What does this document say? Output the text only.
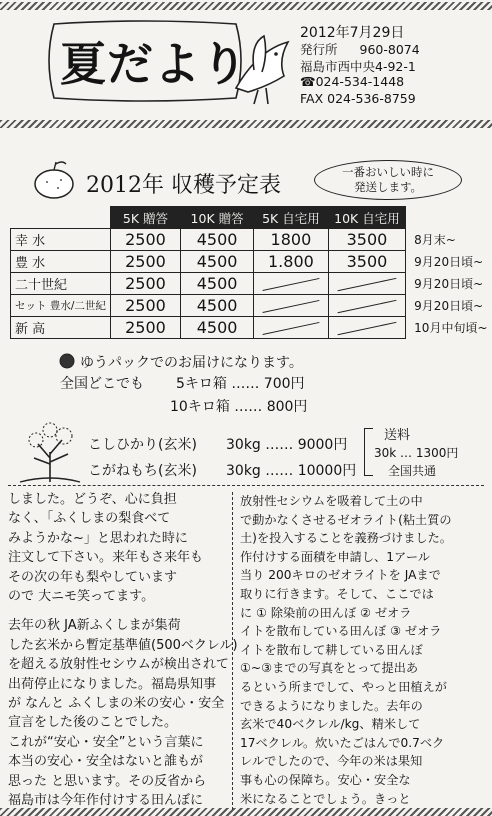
夏だより
2012年7月29日
発行所 960-8074
福島市西中央4-92-1
☎024-534-1448
FAX 024-536-8759
2012年 収穫予定表
一番おいしい時に
発送します。
	5K 贈答	10K 贈答	5K 自宅用	10K 自宅用	
幸 水	2500	4500	1800	3500	8月末~
豊 水	2500	4500	1.800	3500	9月20日頃~
二十世紀	2500	4500			9月20日頃~
セット 豊水/二世紀	2500	4500			9月20日頃~
新 高	2500	4500			10月中旬頃~
ゆうパックでのお届けになります。
全国どこでも 5キロ箱 …… 700円
10キロ箱 …… 800円
こしひかり(玄米) 30kg …… 9000円
こがねもち(玄米) 30kg …… 10000円
送料
30k … 1300円
全国共通
しました。どうぞ、心に負担
なく、「ふくしまの梨食べて
みようかな~」と思われた時に
注文して下さい。来年もさ来年も
その次の年も梨やしています
ので 大ニモ笑ってます。
去年の秋 JA新ふくしまが集荷
した玄米から暫定基準値(500ベクレル)
を超える放射性セシウムが検出されて
出荷停止になりました。福島県知事
が なんと ふくしまの米の安心・安全
宣言をした後のことでした。
これが“安心・安全”という言葉に
本当の安心・安全はないと誰もが
思った と思います。その反省から
福島市は今年作付けする田んぼに
放射性セシウムを吸着して土の中
で動かなくさせるゼオライト(粘土質の
土)を投入することを義務づけました。
作付けする面積を申請し、1アール
当り 200キロのゼオライトを JAまで
取りに行きます。そして、ここでは
に ① 除染前の田んぼ ② ゼオラ
イトを散布している田んぼ ③ ゼオラ
イトを散布して耕している田んぼ
①~③までの写真をとって提出あ
るという所までして、やっと田植えが
できるようになりました。去年の
玄米で40ベクレル/kg、精米して
17ベクレル。炊いたごはんで0.7ベク
レルでしたので、今年の米は果知
事も心の保障ち。安心・安全な
米になることでしょう。きっと
